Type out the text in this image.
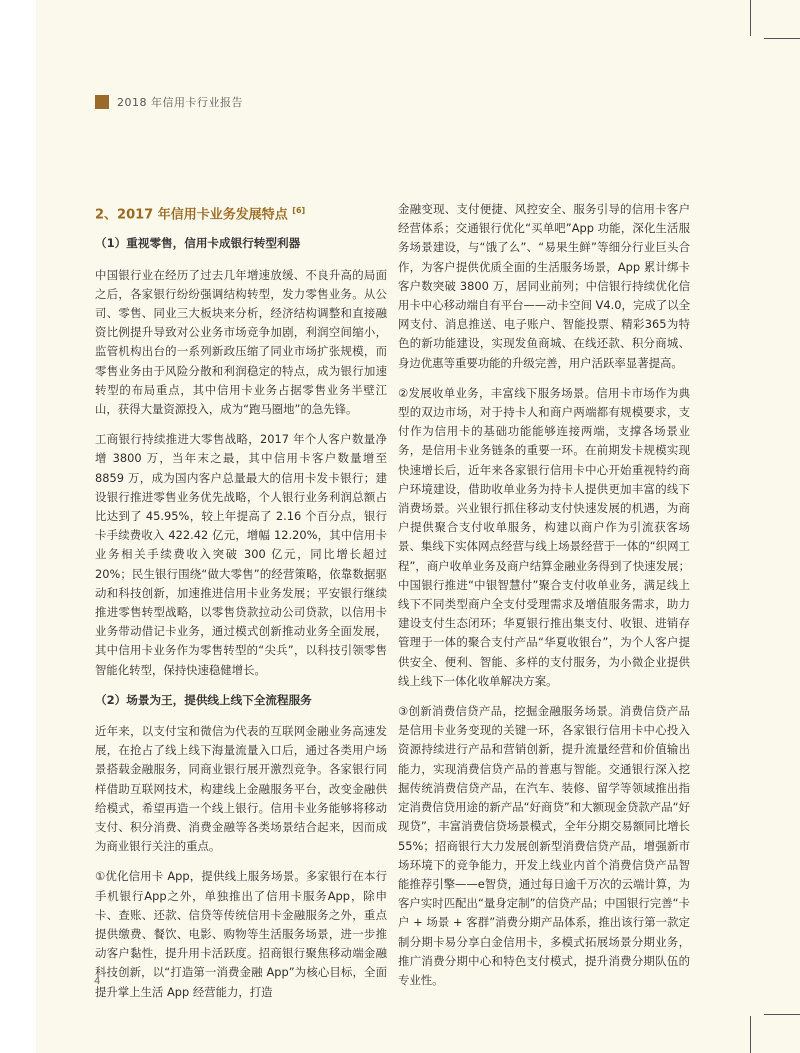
2018 年信用卡行业报告
2、2017 年信用卡业务发展特点 [6]
（1）重视零售，信用卡成银行转型利器

中国银行业在经历了过去几年增速放缓、不良升高的局面之后，各家银行纷纷强调结构转型，发力零售业务。从公司、零售、同业三大板块来分析，经济结构调整和直接融资比例提升导致对公业务市场竞争加剧，利润空间缩小，监管机构出台的一系列新政压缩了同业市场扩张规模，而零售业务由于风险分散和利润稳定的特点，成为银行加速转型的布局重点，其中信用卡业务占据零售业务半壁江山，获得大量资源投入，成为“跑马圈地”的急先锋。

工商银行持续推进大零售战略，2017 年个人客户数量净增 3800 万，当年末之最，其中信用卡客户数量增至 8859 万，成为国内客户总量最大的信用卡发卡银行；建设银行推进零售业务优先战略，个人银行业务利润总额占比达到了 45.95%，较上年提高了 2.16 个百分点，银行卡手续费收入 422.42 亿元，增幅 12.20%，其中信用卡业务相关手续费收入突破 300 亿元，同比增长超过 20%；民生银行围绕“做大零售”的经营策略，依靠数据驱动和科技创新，加速推进信用卡业务发展；平安银行继续推进零售转型战略，以零售贷款拉动公司贷款，以信用卡业务带动借记卡业务，通过模式创新推动业务全面发展，其中信用卡业务作为零售转型的“尖兵”，以科技引领零售智能化转型，保持快速稳健增长。

（2）场景为王，提供线上线下全流程服务

近年来，以支付宝和微信为代表的互联网金融业务高速发展，在抢占了线上线下海量流量入口后，通过各类用户场景搭载金融服务，同商业银行展开激烈竞争。各家银行同样借助互联网技术，构建线上金融服务平台，改变金融供给模式，希望再造一个线上银行。信用卡业务能够将移动支付、积分消费、消费金融等各类场景结合起来，因而成为商业银行关注的重点。

①优化信用卡 App，提供线上服务场景。多家银行在本行手机银行App之外，单独推出了信用卡服务App，除申卡、查账、还款、信贷等传统信用卡金融服务之外，重点提供缴费、餐饮、电影、购物等生活服务场景，进一步推动客户黏性，提升用卡活跃度。招商银行聚焦移动端金融科技创新，以“打造第一消费金融 App”为核心目标，全面提升掌上生活 App 经营能力，打造

金融变现、支付便捷、风控安全、服务引导的信用卡客户经营体系；交通银行优化“买单吧”App 功能，深化生活服务场景建设，与“饿了么”、“易果生鲜”等细分行业巨头合作，为客户提供优质全面的生活服务场景，App 累计绑卡客户数突破 3800 万，居同业前列；中信银行持续优化信用卡中心移动端自有平台——动卡空间 V4.0，完成了以全网支付、消息推送、电子账户、智能投票、精彩365为特色的新功能建设，实现发鱼商城、在线还款、积分商城、身边优惠等重要功能的升级完善，用户活跃率显著提高。

②发展收单业务，丰富线下服务场景。信用卡市场作为典型的双边市场，对于持卡人和商户两端都有规模要求，支付作为信用卡的基础功能能够连接两端，支撑各场景业务，是信用卡业务链条的重要一环。在前期发卡规模实现快速增长后，近年来各家银行信用卡中心开始重视特约商户环境建设，借助收单业务为持卡人提供更加丰富的线下消费场景。兴业银行抓住移动支付快速发展的机遇，为商户提供聚合支付收单服务，构建以商户作为引流获客场景、集线下实体网点经营与线上场景经营于一体的“织网工程”，商户收单业务及商户结算金融业务得到了快速发展；中国银行推进“中银智慧付”聚合支付收单业务，满足线上线下不同类型商户全支付受理需求及增值服务需求，助力建设支付生态闭环；华夏银行推出集支付、收银、进销存管理于一体的聚合支付产品“华夏收银台”，为个人客户提供安全、便利、智能、多样的支付服务，为小微企业提供线上线下一体化收单解决方案。

③创新消费信贷产品，挖掘金融服务场景。消费信贷产品是信用卡业务变现的关键一环，各家银行信用卡中心投入资源持续进行产品和营销创新，提升流量经营和价值输出能力，实现消费信贷产品的普惠与智能。交通银行深入挖掘传统消费信贷产品，在汽车、装修、留学等领域推出指定消费信贷用途的新产品“好商贷”和大额现金贷款产品“好现贷”，丰富消费信贷场景模式，全年分期交易额同比增长 55%；招商银行大力发展创新型消费信贷产品，增强新市场环境下的竞争能力，开发上线业内首个消费信贷产品智能推荐引擎——e智贷，通过每日逾千万次的云端计算，为客户实时匹配出“量身定制”的信贷产品；中国银行完善“卡户 + 场景 + 客群”消费分期产品体系，推出该行第一款定制分期卡易分享白金信用卡，多模式拓展场景分期业务，推广消费分期中心和特色支付模式，提升消费分期队伍的专业性。

4
